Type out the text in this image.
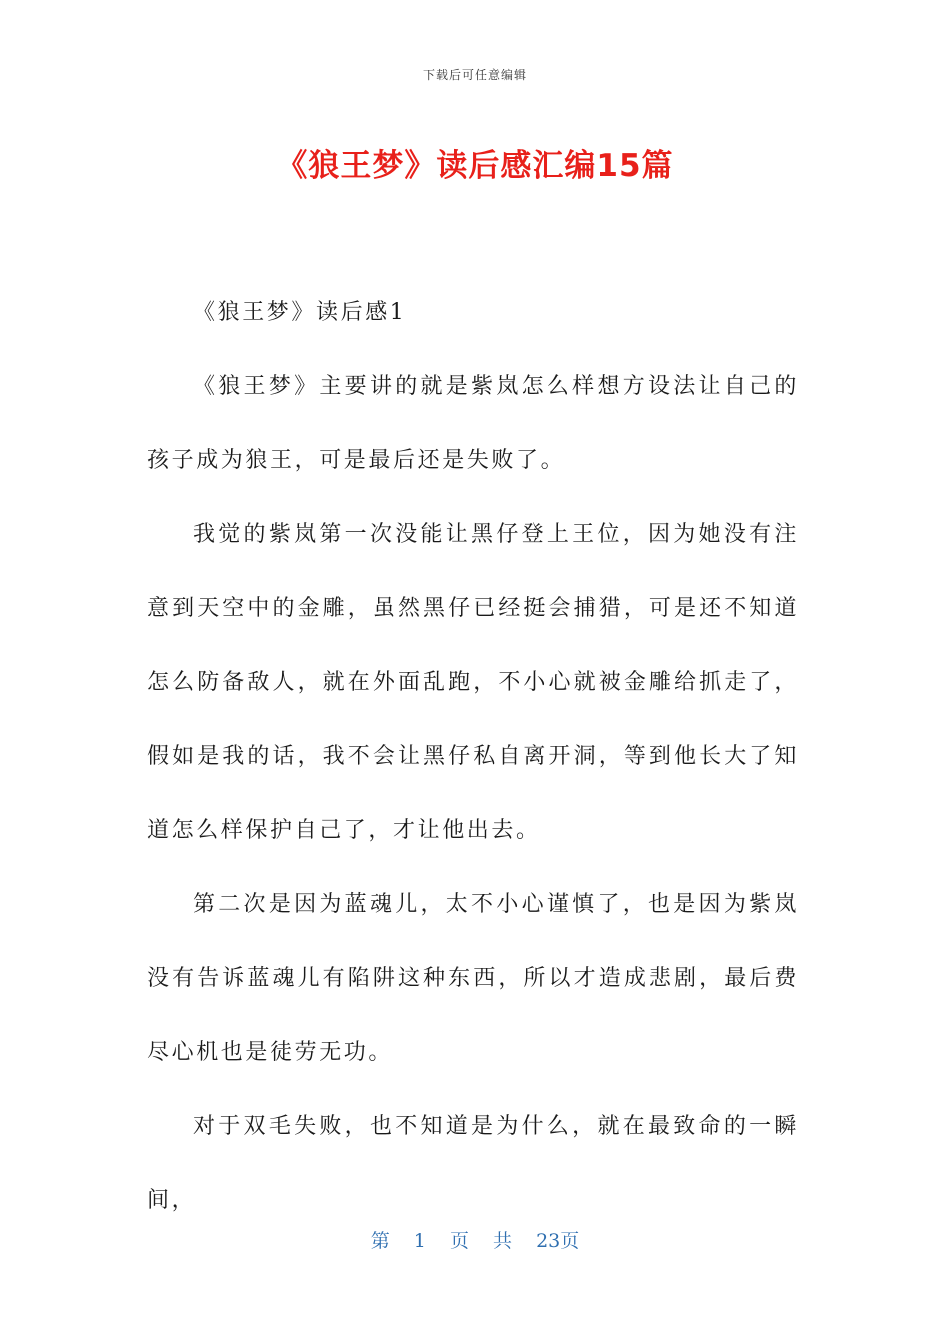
下载后可任意编辑
《狼王梦》读后感汇编15篇

《狼王梦》读后感1

《狼王梦》主要讲的就是紫岚怎么样想方设法让自己的孩子成为狼王，可是最后还是失败了。

我觉的紫岚第一次没能让黑仔登上王位，因为她没有注意到天空中的金雕，虽然黑仔已经挺会捕猎，可是还不知道怎么防备敌人，就在外面乱跑，不小心就被金雕给抓走了，假如是我的话，我不会让黑仔私自离开洞，等到他长大了知道怎么样保护自己了，才让他出去。

第二次是因为蓝魂儿，太不小心谨慎了，也是因为紫岚没有告诉蓝魂儿有陷阱这种东西，所以才造成悲剧，最后费尽心机也是徒劳无功。

对于双毛失败，也不知道是为什么，就在最致命的一瞬间，

第 1 页 共 23页
